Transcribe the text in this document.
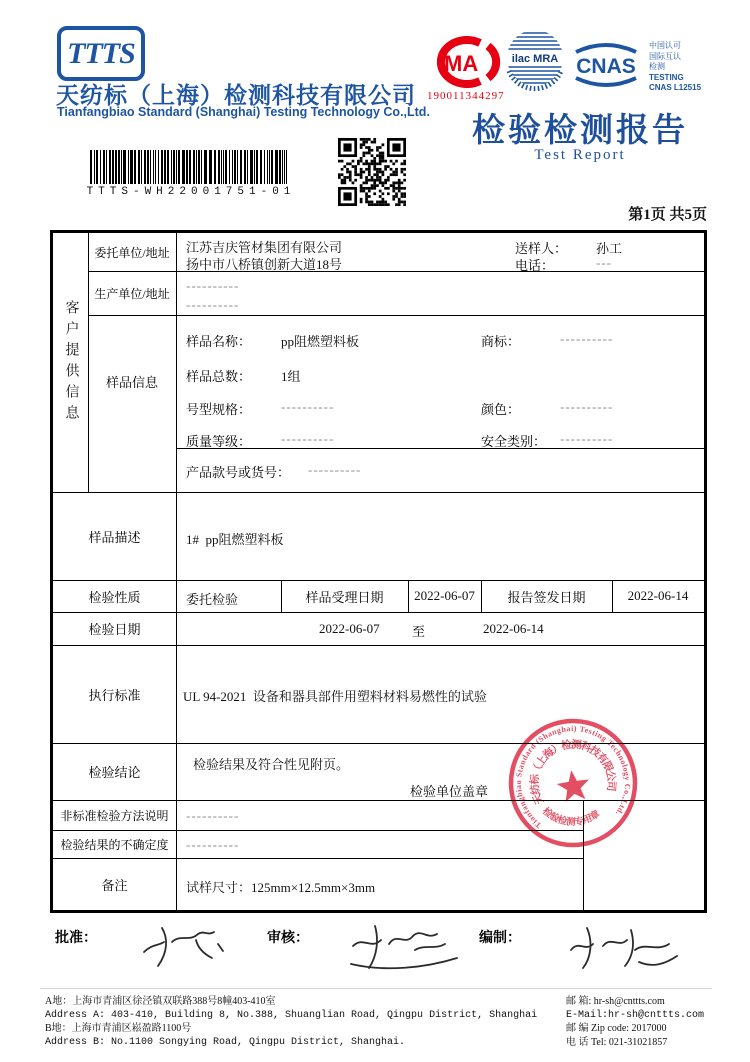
TTTS
天纺标（上海）检测科技有限公司
Tianfangbiao Standard (Shanghai) Testing Technology Co.,Ltd.
MA
190011344297
ilac MRA CNAS
中国认可
国际互认
检测
TESTING
CNAS L12515
检验检测报告
Test Report
TTTS-WH22001751-01
第1页 共5页
客户提供信息
委托单位/地址	江苏吉庆管材集团有限公司
扬中市八桥镇创新大道18号
送样人： 孙工
电话：	---
生产单位/地址
----------
----------
样品信息
样品名称： pp阻燃塑料板	商标：	----------
样品总数： 1组
号型规格： ----------	颜色：	----------
质量等级： ----------	安全类别： ----------
产品款号或货号： ----------
样品描述	1#  pp阻燃塑料板
检验性质	委托检验	样品受理日期	2022-06-07	报告签发日期	2022-06-14
检验日期	2022-06-07 至	2022-06-14
执行标准	UL 94-2021  设备和器具部件用塑料材料易燃性的试验
检验结论
检验结果及符合性见附页。
检验单位盖章
非标准检验方法说明	----------
检验结果的不确定度	----------
备注	试样尺寸：125mm×12.5mm×3mm
Tianfangbiao Standard (Shanghai) Testing Technology Co.,Ltd.
天纺标（上海）检测科技有限公司
检验检测专用章
批准：	审核：	编制：
A地：上海市青浦区徐泾镇双联路388号8幢403-410室
Address A: 403-410, Building 8, No.388, Shuanglian Road, Qingpu District, Shanghai
B地：上海市青浦区崧盈路1100号
Address B: No.1100 Songying Road, Qingpu District, Shanghai.
邮 箱: hr-sh@cnttts.com
E-Mail:hr-sh@cnttts.com
邮 编 Zip code: 2017000
电 话 Tel: 021-31021857
